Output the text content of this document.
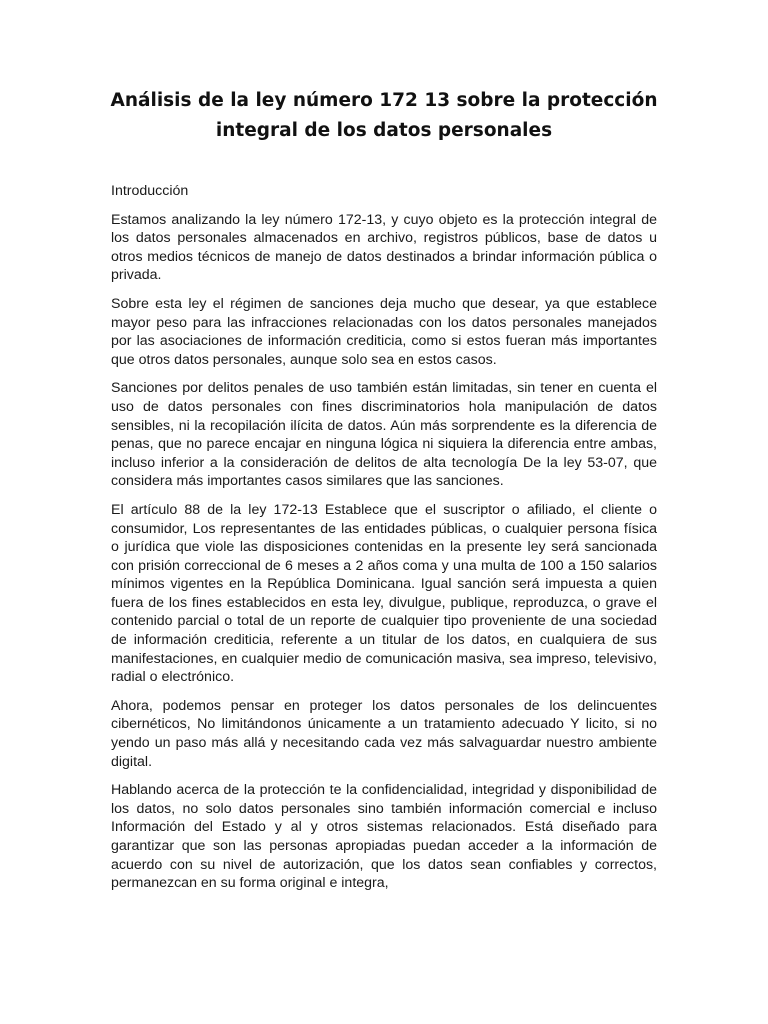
Análisis de la ley número 172 13 sobre la protección integral de los datos personales

Introducción

Estamos analizando la ley número 172-13, y cuyo objeto es la protección integral de los datos personales almacenados en archivo, registros públicos, base de datos u otros medios técnicos de manejo de datos destinados a brindar información pública o privada.

Sobre esta ley el régimen de sanciones deja mucho que desear, ya que establece mayor peso para las infracciones relacionadas con los datos personales manejados por las asociaciones de información crediticia, como si estos fueran más importantes que otros datos personales, aunque solo sea en estos casos.

Sanciones por delitos penales de uso también están limitadas, sin tener en cuenta el uso de datos personales con fines discriminatorios hola manipulación de datos sensibles, ni la recopilación ilícita de datos. Aún más sorprendente es la diferencia de penas, que no parece encajar en ninguna lógica ni siquiera la diferencia entre ambas, incluso inferior a la consideración de delitos de alta tecnología De la ley 53-07, que considera más importantes casos similares que las sanciones.

El artículo 88 de la ley 172-13 Establece que el suscriptor o afiliado, el cliente o consumidor, Los representantes de las entidades públicas, o cualquier persona física o jurídica que viole las disposiciones contenidas en la presente ley será sancionada con prisión correccional de 6 meses a 2 años coma y una multa de 100 a 150 salarios mínimos vigentes en la República Dominicana. Igual sanción será impuesta a quien fuera de los fines establecidos en esta ley, divulgue, publique, reproduzca, o grave el contenido parcial o total de un reporte de cualquier tipo proveniente de una sociedad de información crediticia, referente a un titular de los datos, en cualquiera de sus manifestaciones, en cualquier medio de comunicación masiva, sea impreso, televisivo, radial o electrónico.

Ahora, podemos pensar en proteger los datos personales de los delincuentes cibernéticos, No limitándonos únicamente a un tratamiento adecuado Y licito, si no yendo un paso más allá y necesitando cada vez más salvaguardar nuestro ambiente digital.

Hablando acerca de la protección te la confidencialidad, integridad y disponibilidad de los datos, no solo datos personales sino también información comercial e incluso Información del Estado y al y otros sistemas relacionados. Está diseñado para garantizar que son las personas apropiadas puedan acceder a la información de acuerdo con su nivel de autorización, que los datos sean confiables y correctos, permanezcan en su forma original e integra,
